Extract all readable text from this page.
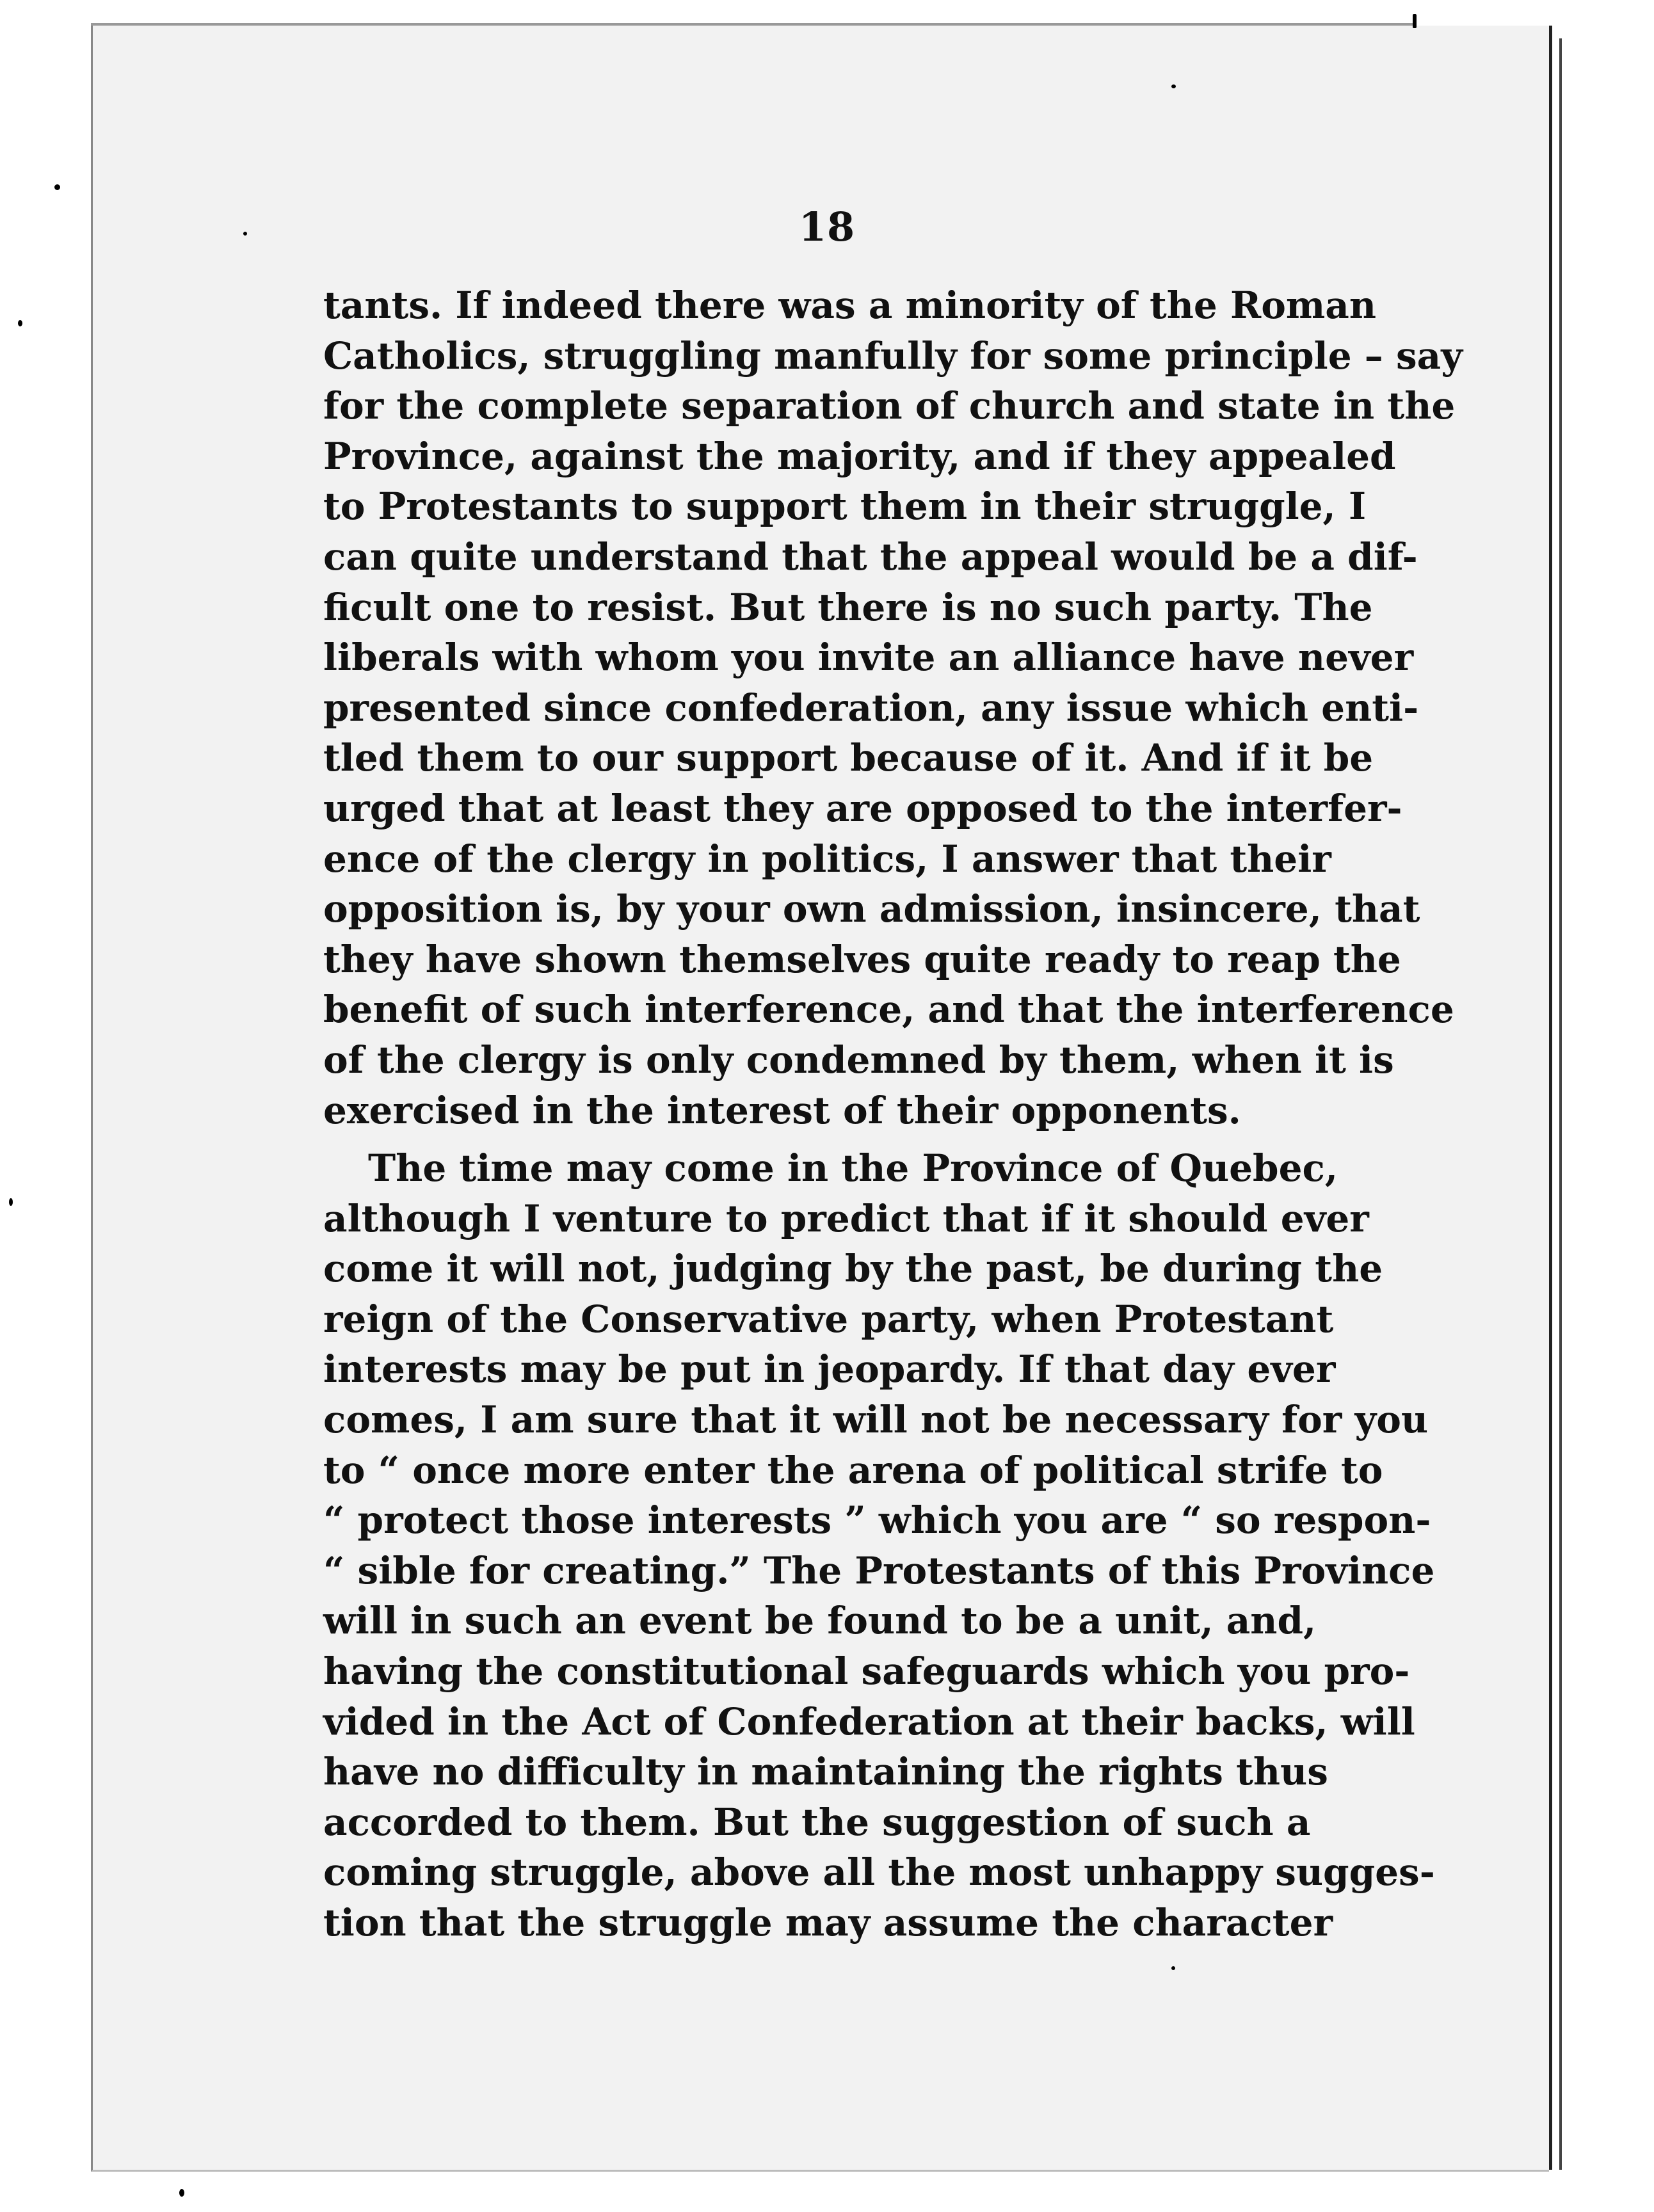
18
tants. If indeed there was a minority of the Roman
Catholics, struggling manfully for some principle – say
for the complete separation of church and state in the
Province, against the majority, and if they appealed
to Protestants to support them in their struggle, I
can quite understand that the appeal would be a dif-
ficult one to resist. But there is no such party. The
liberals with whom you invite an alliance have never
presented since confederation, any issue which enti-
tled them to our support because of it. And if it be
urged that at least they are opposed to the interfer-
ence of the clergy in politics, I answer that their
opposition is, by your own admission, insincere, that
they have shown themselves quite ready to reap the
benefit of such interference, and that the interference
of the clergy is only condemned by them, when it is
exercised in the interest of their opponents.
The time may come in the Province of Quebec,
although I venture to predict that if it should ever
come it will not, judging by the past, be during the
reign of the Conservative party, when Protestant
interests may be put in jeopardy. If that day ever
comes, I am sure that it will not be necessary for you
to “ once more enter the arena of political strife to
“ protect those interests ” which you are “ so respon-
“ sible for creating.” The Protestants of this Province
will in such an event be found to be a unit, and,
having the constitutional safeguards which you pro-
vided in the Act of Confederation at their backs, will
have no difficulty in maintaining the rights thus
accorded to them. But the suggestion of such a
coming struggle, above all the most unhappy sugges-
tion that the struggle may assume the character
